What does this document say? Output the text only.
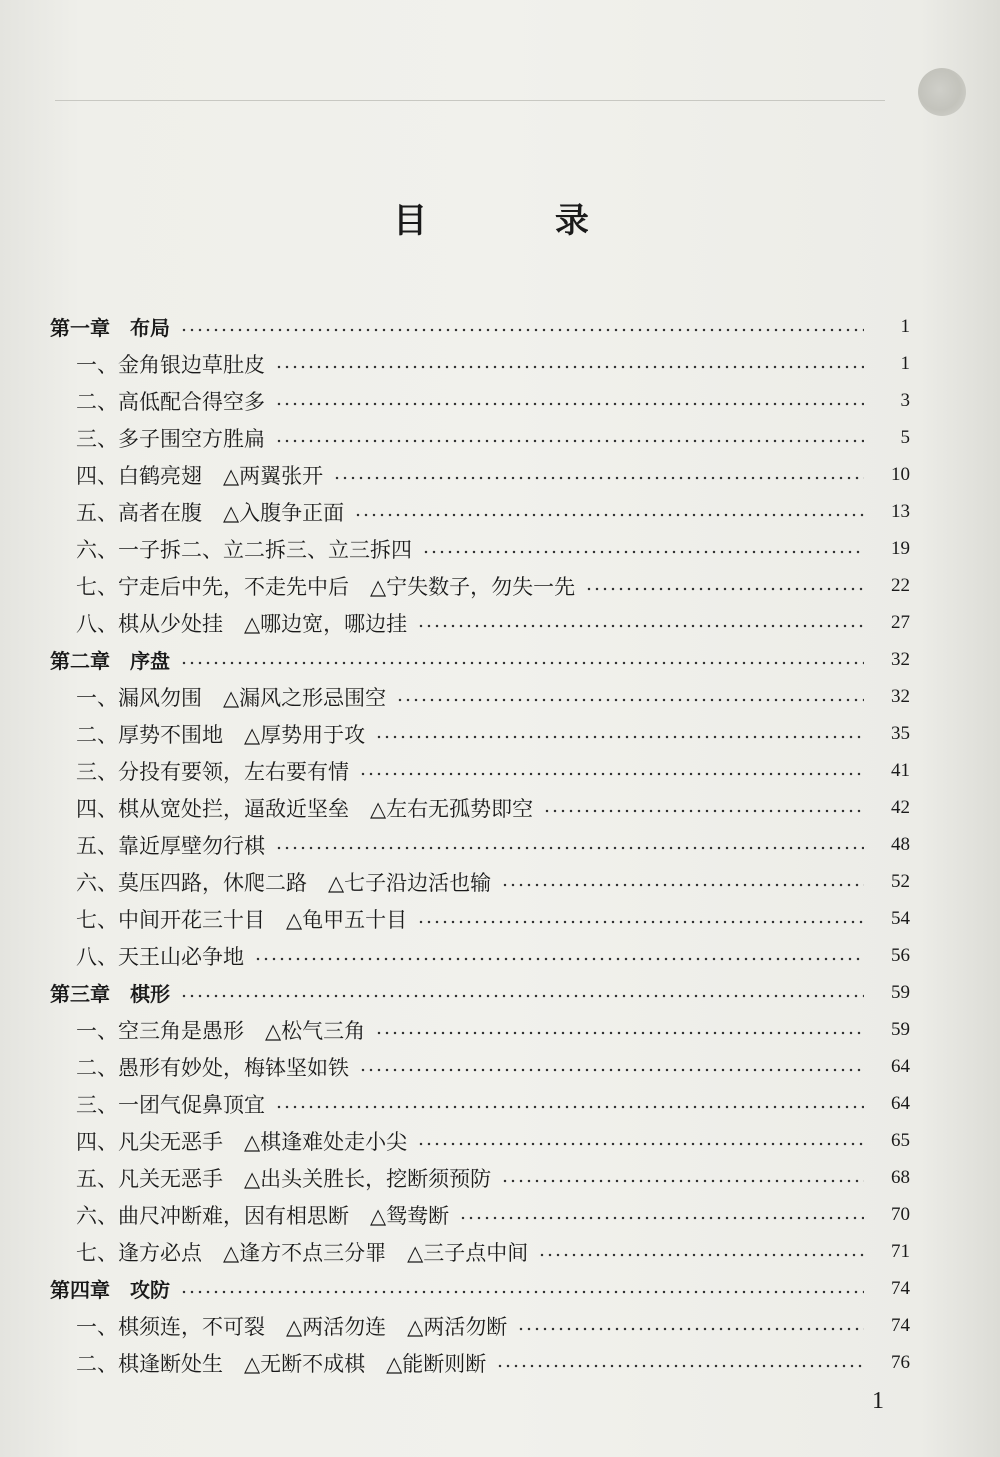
目 录
第一章　布局	1
一、金角银边草肚皮	1
二、高低配合得空多	3
三、多子围空方胜扁	5
四、白鹤亮翅　△两翼张开	10
五、高者在腹　△入腹争正面	13
六、一子拆二、立二拆三、立三拆四	19
七、宁走后中先，不走先中后　△宁失数子，勿失一先	22
八、棋从少处挂　△哪边宽，哪边挂	27
第二章　序盘	32
一、漏风勿围　△漏风之形忌围空	32
二、厚势不围地　△厚势用于攻	35
三、分投有要领，左右要有情	41
四、棋从宽处拦，逼敌近坚垒　△左右无孤势即空	42
五、靠近厚壁勿行棋	48
六、莫压四路，休爬二路　△七子沿边活也输	52
七、中间开花三十目　△龟甲五十目	54
八、天王山必争地	56
第三章　棋形	59
一、空三角是愚形　△松气三角	59
二、愚形有妙处，梅钵坚如铁	64
三、一团气促鼻顶宜	64
四、凡尖无恶手　△棋逢难处走小尖	65
五、凡关无恶手　△出头关胜长，挖断须预防	68
六、曲尺冲断难，因有相思断　△鸳鸯断	70
七、逢方必点　△逢方不点三分罪　△三子点中间	71
第四章　攻防	74
一、棋须连，不可裂　△两活勿连　△两活勿断	74
二、棋逢断处生　△无断不成棋　△能断则断	76
1
